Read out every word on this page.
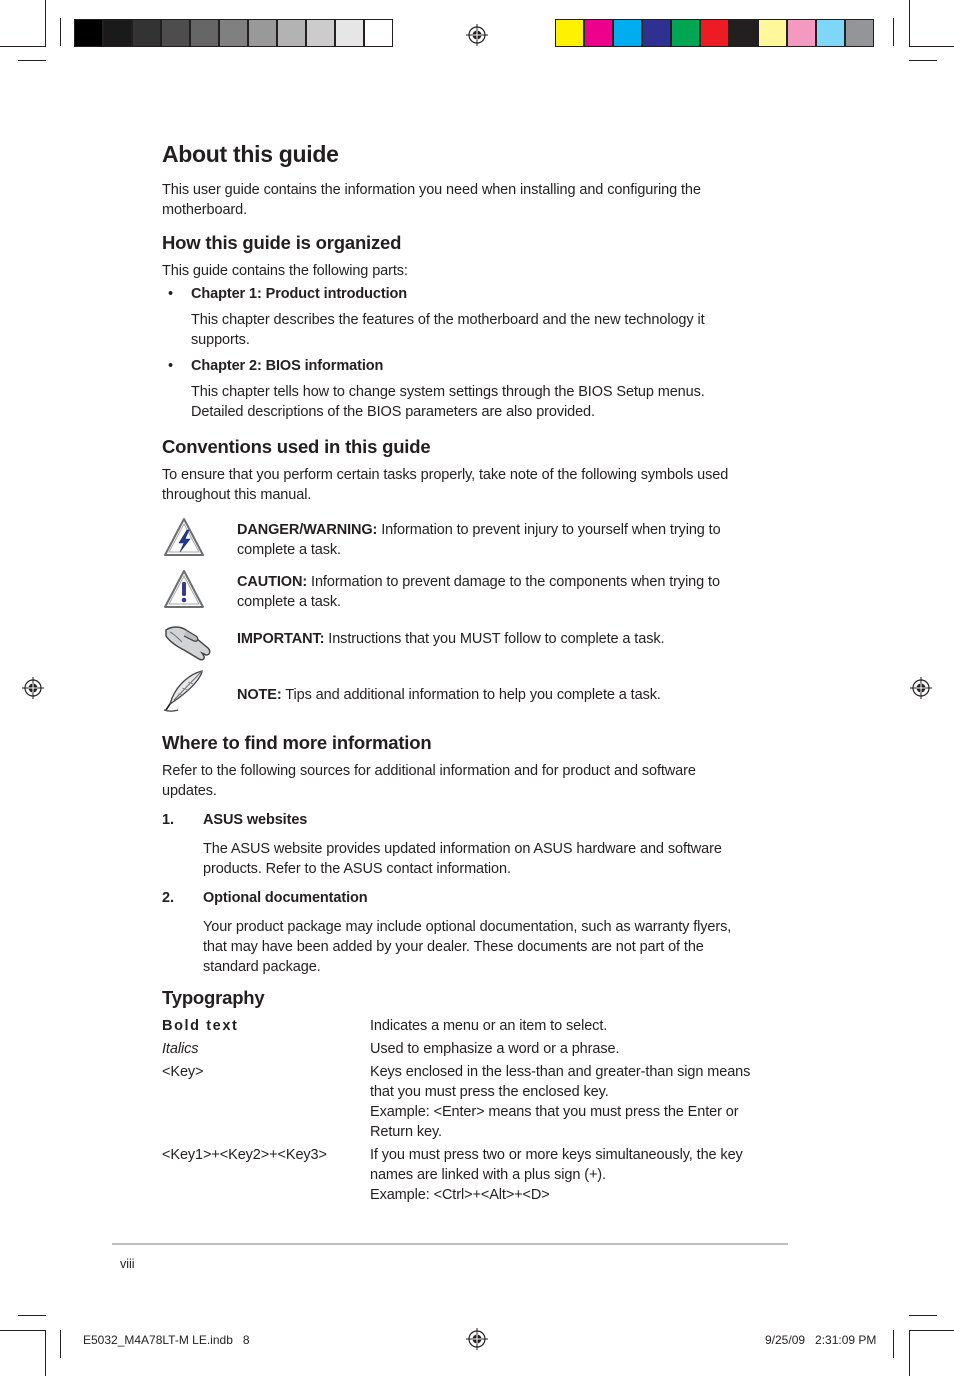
About this guide
This user guide contains the information you need when installing and configuring the
motherboard.
How this guide is organized
This guide contains the following parts:
• Chapter 1: Product introduction
This chapter describes the features of the motherboard and the new technology it
supports.
• Chapter 2: BIOS information
This chapter tells how to change system settings through the BIOS Setup menus.
Detailed descriptions of the BIOS parameters are also provided.
Conventions used in this guide
To ensure that you perform certain tasks properly, take note of the following symbols used
throughout this manual.
DANGER/WARNING: Information to prevent injury to yourself when trying to
complete a task.
CAUTION: Information to prevent damage to the components when trying to
complete a task.
IMPORTANT: Instructions that you MUST follow to complete a task.
NOTE: Tips and additional information to help you complete a task.
Where to find more information
Refer to the following sources for additional information and for product and software
updates.
1. ASUS websites
The ASUS website provides updated information on ASUS hardware and software
products. Refer to the ASUS contact information.
2. Optional documentation
Your product package may include optional documentation, such as warranty flyers,
that may have been added by your dealer. These documents are not part of the
standard package.
Typography
Bold text	Indicates a menu or an item to select.
Italics	Used to emphasize a word or a phrase.
<Key>	Keys enclosed in the less-than and greater-than sign means
that you must press the enclosed key.
Example: <Enter> means that you must press the Enter or
Return key.
<Key1>+<Key2>+<Key3>	If you must press two or more keys simultaneously, the key
names are linked with a plus sign (+).
Example: <Ctrl>+<Alt>+<D>
viii
E5032_M4A78LT-M LE.indb   8	9/25/09   2:31:09 PM
